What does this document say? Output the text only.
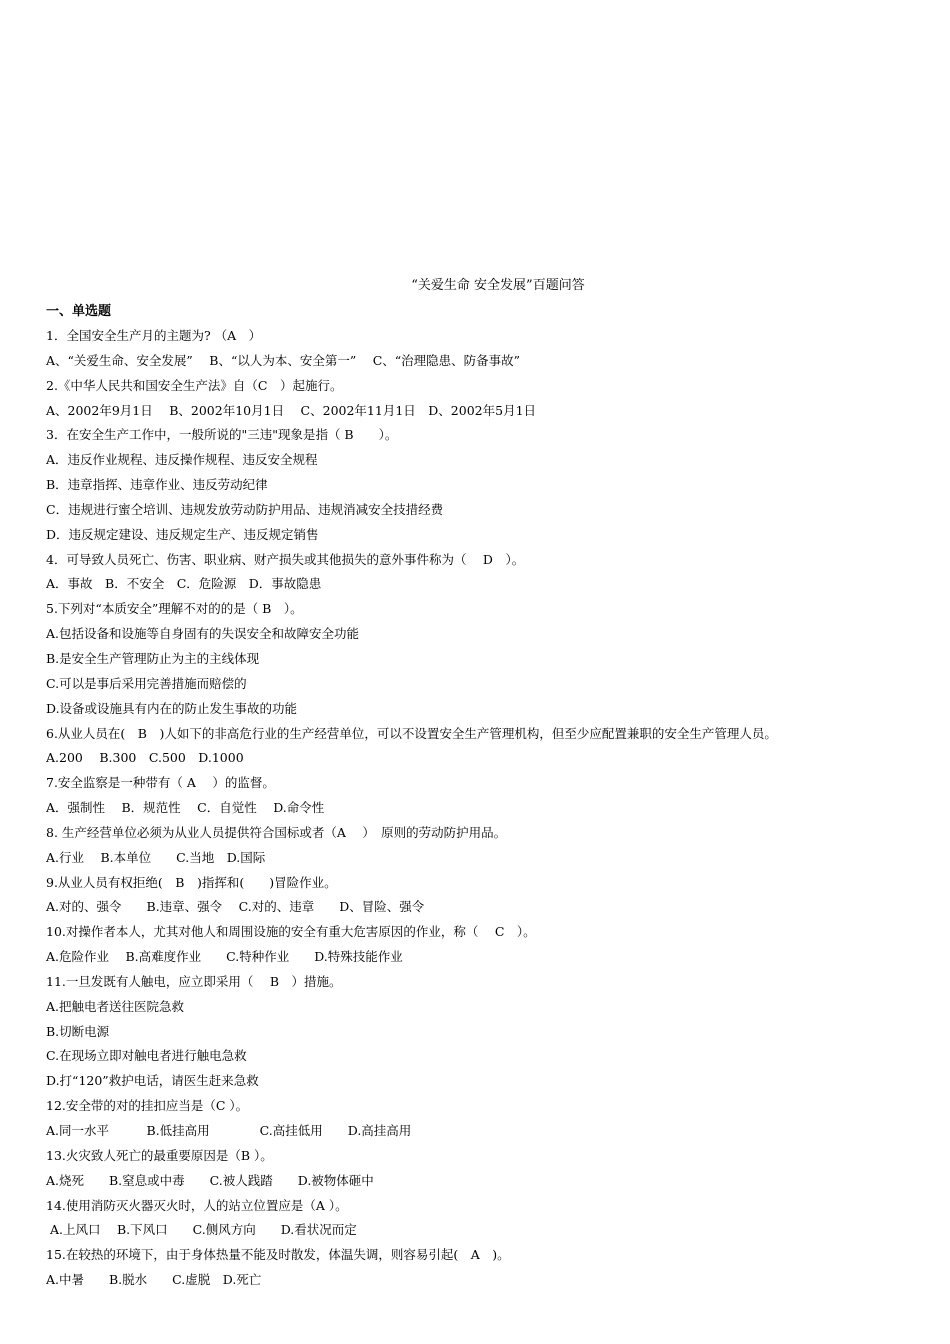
“关爱生命 安全发展”百题问答
一、单选题
1．全国安全生产月的主题为? （A　）
A、“关爱生命、安全发展”　 B、“以人为本、安全第一”　 C、“治理隐患、防备事故”
2.《中华人民共和国安全生产法》自（C　）起施行。
A、2002年9月1日　 B、2002年10月1日　 C、2002年11月1日　D、2002年5月1日
3．在安全生产工作中，一般所说的"三违"现象是指（ B　　）。
A．违反作业规程、违反操作规程、违反安全规程
B．违章指挥、违章作业、违反劳动纪律
C．违规进行蜜仝培训、违规发放劳动防护用品、违规消减安全技措经费
D．违反规定建设、违反规定生产、违反规定销售
4．可导致人员死亡、伤害、职业病、财产损失或其他损失的意外事件称为（　 D　）。
A．事故　B．不安全　C．危险源　D．事故隐患
5.下列对“本质安全”理解不对的的是（ B　）。
A.包括设备和设施等自身固有的失误安全和故障安全功能
B.是安全生产管理防止为主的主线体现
C.可以是事后采用完善措施而赔偿的
D.设备或设施具有内在的防止发生事故的功能
6.从业人员在(　B　)人如下的非高危行业的生产经营单位，可以不设置安全生产管理机构，但至少应配置兼职的安全生产管理人员。
A.200　 B.300　C.500　D.1000
7.安全监察是一种带有（ A　 ）的监督。
A．强制性　 B．规范性　 C．自觉性　 D.命令性
8. 生产经营单位必须为从业人员提供符合国标或者（A　 ）　原则的劳动防护用品。
A.行业　 B.本单位　　C.当地　D.国际
9.从业人员有权拒绝(　B　)指挥和(　　)冒险作业。
A.对的、强令　　B.违章、强令　 C.对的、违章　　D、冒险、强令
10.对操作者本人，尤其对他人和周围设施的安全有重大危害原因的作业，称（　 C　）。
A.危险作业　 B.高难度作业　　C.特种作业　　D.特殊技能作业
11.一旦发既有人触电，应立即采用（　 B　）措施。
A.把触电者送往医院急救
B.切断电源
C.在现场立即对触电者进行触电急救
D.打“120”救护电话，请医生赶来急救
12.安全带的对的挂扣应当是（C ）。
A.同一水平　　　B.低挂高用　　　　C.高挂低用　　D.高挂高用
13.火灾致人死亡的最重要原因是（B ）。
A.烧死　　B.窒息或中毒　　C.被人践踏　　D.被物体砸中
14.使用消防灭火器灭火时，人的站立位置应是（A ）。
A.上风口　 B.下风口　　C.侧风方向　　D.看状况而定
15.在较热的环境下，由于身体热量不能及时散发，体温失调，则容易引起(　A　)。
A.中暑　　B.脱水　　C.虚脱　D.死亡
